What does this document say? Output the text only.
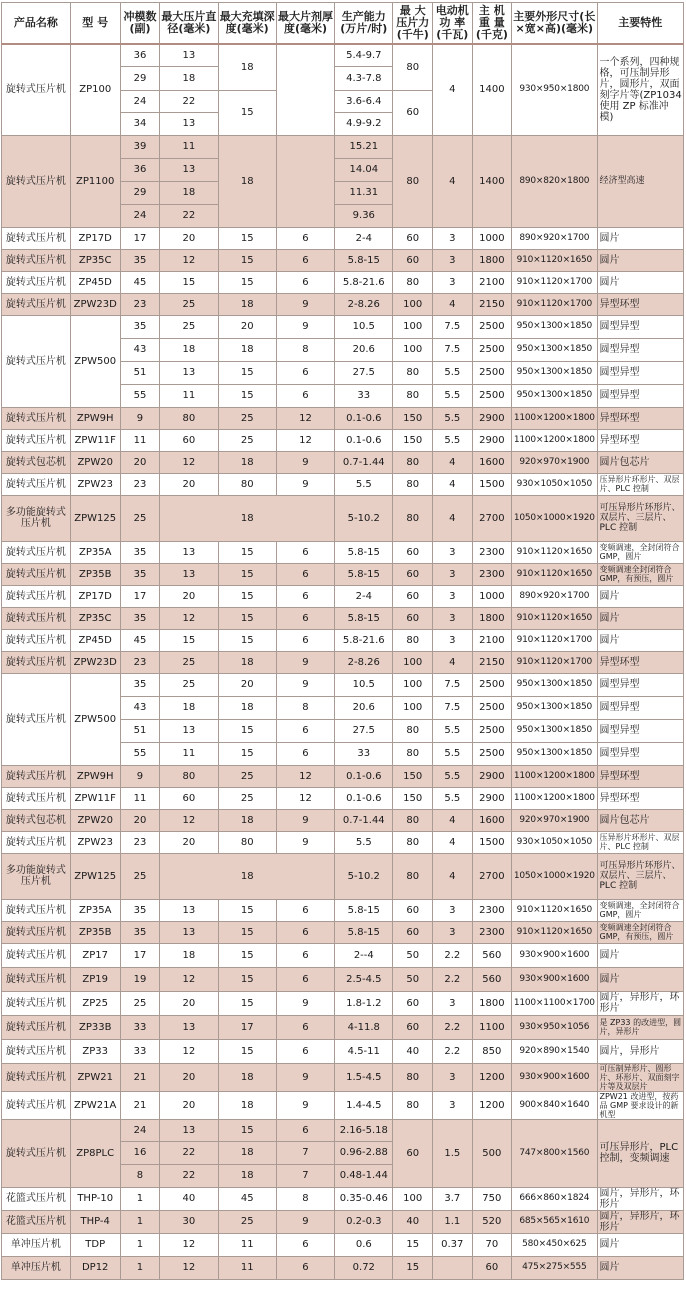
产品名称	型 号	冲模数(副)	最大压片直 径(毫米)	最大充填深 度(毫米)	最大片剂厚 度(毫米)	生产能力(万片/时)	最 大压片力(千牛)	电动机功 率(千瓦)	主 机重 量(千克)	主要外形尺寸(长×宽×高)(毫米)	主要特性
旋转式压片机	ZP100	36	13	18		5.4-9.7	80	4	1400	930×950×1800	一个系列，四种规格，可压制异形片，圆形片，双面刻字片等(ZP1034 使用 ZP 标准冲模)
		29	18			4.3-7.8					
		24	22	15		3.6-6.4	60				
		34	13			4.9-9.2					
旋转式压片机	ZP1100	39	11	18		15.21	80	4	1400	890×820×1800	经济型高速
		36	13			14.04					
		29	18			11.31					
		24	22			9.36					
旋转式压片机	ZP17D	17	20	15	6	2-4	60	3	1000	890×920×1700	圆片
旋转式压片机	ZP35C	35	12	15	6	5.8-15	60	3	1800	910×1120×1650	圆片
旋转式压片机	ZP45D	45	15	15	6	5.8-21.6	80	3	2100	910×1120×1700	圆片
旋转式压片机	ZPW23D	23	25	18	9	2-8.26	100	4	2150	910×1120×1700	异型环型
旋转式压片机	ZPW500	35	25	20	9	10.5	100	7.5	2500	950×1300×1850	圆型异型
		43	18	18	8	20.6	100	7.5	2500	950×1300×1850	圆型异型
		51	13	15	6	27.5	80	5.5	2500	950×1300×1850	圆型异型
		55	11	15	6	33	80	5.5	2500	950×1300×1850	圆型异型
旋转式压片机	ZPW9H	9	80	25	12	0.1-0.6	150	5.5	2900	1100×1200×1800	异型环型
旋转式压片机	ZPW11F	11	60	25	12	0.1-0.6	150	5.5	2900	1100×1200×1800	异型环型
旋转式包芯机	ZPW20	20	12	18	9	0.7-1.44	80	4	1600	920×970×1900	圆片包芯片
旋转式压片机	ZPW23	23	20	80	9	5.5	80	4	1500	930×1050×1050	压异形片环形片、双层片、PLC 控制
多功能旋转式压片机	ZPW125	25	18			5-10.2	80	4	2700	1050×1000×1920	可压异形片环形片、双层片、三层片、PLC 控制
旋转式压片机	ZP35A	35	13	15	6	5.8-15	60	3	2300	910×1120×1650	变频调速，全封闭符合 GMP，圆片
旋转式压片机	ZP35B	35	13	15	6	5.8-15	60	3	2300	910×1120×1650	变频调速全封闭符合 GMP，有预压，圆片
旋转式压片机	ZP17D	17	20	15	6	2-4	60	3	1000	890×920×1700	圆片
旋转式压片机	ZP35C	35	12	15	6	5.8-15	60	3	1800	910×1120×1650	圆片
旋转式压片机	ZP45D	45	15	15	6	5.8-21.6	80	3	2100	910×1120×1700	圆片
旋转式压片机	ZPW23D	23	25	18	9	2-8.26	100	4	2150	910×1120×1700	异型环型
旋转式压片机	ZPW500	35	25	20	9	10.5	100	7.5	2500	950×1300×1850	圆型异型
		43	18	18	8	20.6	100	7.5	2500	950×1300×1850	圆型异型
		51	13	15	6	27.5	80	5.5	2500	950×1300×1850	圆型异型
		55	11	15	6	33	80	5.5	2500	950×1300×1850	圆型异型
旋转式压片机	ZPW9H	9	80	25	12	0.1-0.6	150	5.5	2900	1100×1200×1800	异型环型
旋转式压片机	ZPW11F	11	60	25	12	0.1-0.6	150	5.5	2900	1100×1200×1800	异型环型
旋转式包芯机	ZPW20	20	12	18	9	0.7-1.44	80	4	1600	920×970×1900	圆片包芯片
旋转式压片机	ZPW23	23	20	80	9	5.5	80	4	1500	930×1050×1050	压异形片环形片、双层片、PLC 控制
多功能旋转式压片机	ZPW125	25	18			5-10.2	80	4	2700	1050×1000×1920	可压异形片环形片、双层片、三层片、PLC 控制
旋转式压片机	ZP35A	35	13	15	6	5.8-15	60	3	2300	910×1120×1650	变频调速，全封闭符合 GMP，圆片
旋转式压片机	ZP35B	35	13	15	6	5.8-15	60	3	2300	910×1120×1650	变频调速全封闭符合 GMP，有预压，圆片
旋转式压片机	ZP17	17	18	15	6	2--4	50	2.2	560	930×900×1600	圆片
旋转式压片机	ZP19	19	12	15	6	2.5-4.5	50	2.2	560	930×900×1600	圆片
旋转式压片机	ZP25	25	20	15	9	1.8-1.2	60	3	1800	1100×1100×1700	圆片，异形片，环形片
旋转式压片机	ZP33B	33	13	17	6	4-11.8	60	2.2	1100	930×950×1056	是 ZP33 的改进型，圆片，异形片
旋转式压片机	ZP33	33	12	15	6	4.5-11	40	2.2	850	920×890×1540	圆片，异形片
旋转式压片机	ZPW21	21	20	18	9	1.5-4.5	80	3	1200	930×900×1600	可压制异形片、圆形片、环形片、双面刻字片等及双层片
旋转式压片机	ZPW21A	21	20	18	9	1.4-4.5	80	3	1200	900×840×1640	ZPW21 改进型，按药品 GMP 要求设计的新机型
旋转式压片机	ZP8PLC	24	13	15	6	2.16-5.18	60	1.5	500	747×800×1560	可压异形片，PLC 控制，变频调速
		16	22	18	7	0.96-2.88					
		8	22	18	7	0.48-1.44					
花篮式压片机	THP-10	1	40	45	8	0.35-0.46	100	3.7	750	666×860×1824	圆片，异形片，环形片
花篮式压片机	THP-4	1	30	25	9	0.2-0.3	40	1.1	520	685×565×1610	圆片，异形片，环形片
单冲压片机	TDP	1	12	11	6	0.6	15	0.37	70	580×450×625	圆片
单冲压片机	DP12	1	12	11	6	0.72	15		60	475×275×555	圆片
